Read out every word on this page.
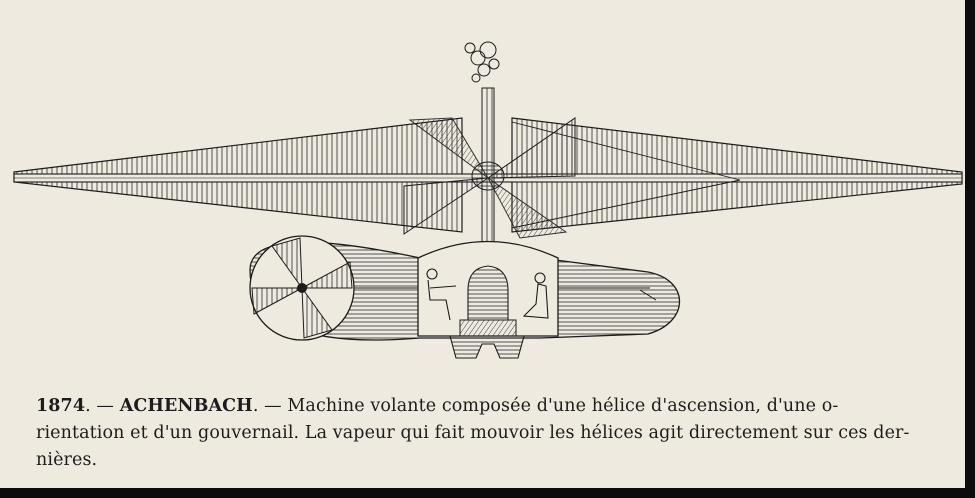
1874. — ACHENBACH. — Machine volante composée d'une hélice d'ascension, d'une o-
rientation et d'un gouvernail. La vapeur qui fait mouvoir les hélices agit directement sur ces der-
nières.
